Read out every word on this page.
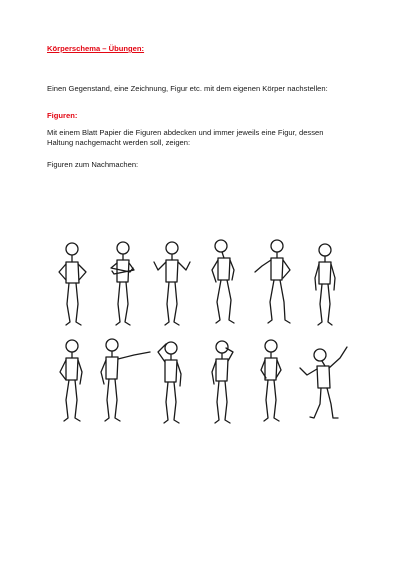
Körperschema – Übungen:
Einen Gegenstand, eine Zeichnung, Figur etc. mit dem eigenen Körper nachstellen:
Figuren:
Mit einem Blatt Papier die Figuren abdecken und immer jeweils eine Figur, dessen Haltung nachgemacht werden soll, zeigen:
Figuren zum Nachmachen:
